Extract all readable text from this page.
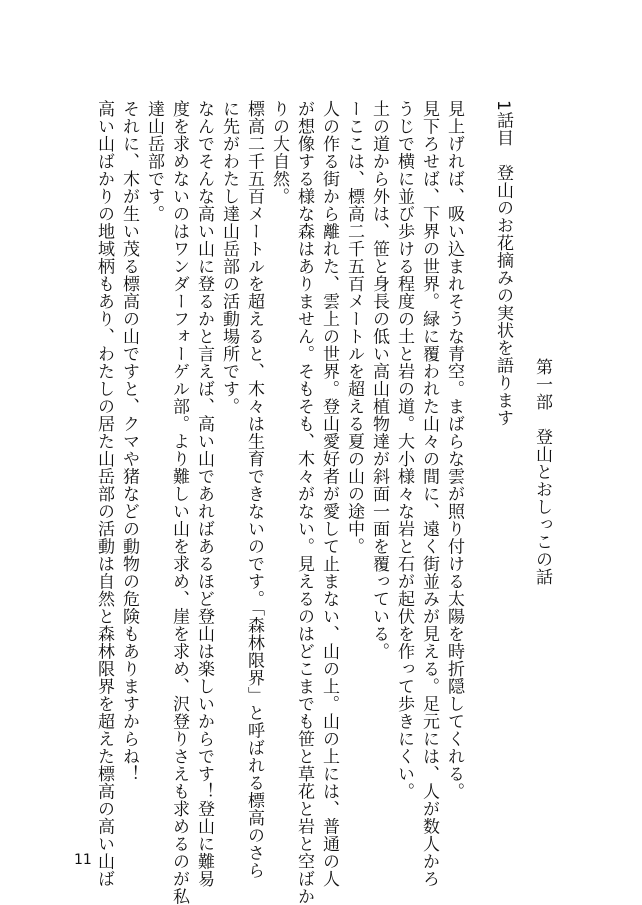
第一部　登山とおしっこの話
1話目　登山のお花摘みの実状を語ります
見上げれば、吸い込まれそうな青空。まばらな雲が照り付ける太陽を時折隠してくれる。
見下ろせば、下界の世界。緑に覆われた山々の間に、遠く街並みが見える。足元には、人が数人かろ
うじで横に並び歩ける程度の土と岩の道。大小様々な岩と石が起伏を作って歩きにくい。
土の道から外は、笹と身長の低い高山植物達が斜面一面を覆っている。
ーここは、標高二千五百メートルを超える夏の山の途中。
人の作る街から離れた、雲上の世界。登山愛好者が愛して止まない、山の上。山の上には、普通の人
が想像する様な森はありません。そもそも、木々がない。見えるのはどこまでも笹と草花と岩と空ばか
りの大自然。
標高二千五百メートルを超えると、木々は生育できないのです。「森林限界」と呼ばれる標高のさら
に先がわたし達山岳部の活動場所です。
なんでそんな高い山に登るかと言えば、高い山であればあるほど登山は楽しいからです！登山に難易
度を求めないのはワンダーフォーゲル部。より難しい山を求め、崖を求め、沢登りさえも求めるのが私
達山岳部です。
それに、木が生い茂る標高の山ですと、クマや猪などの動物の危険もありますからね！
高い山ばかりの地域柄もあり、わたしの居た山岳部の活動は自然と森林限界を超えた標高の高い山ば
11
